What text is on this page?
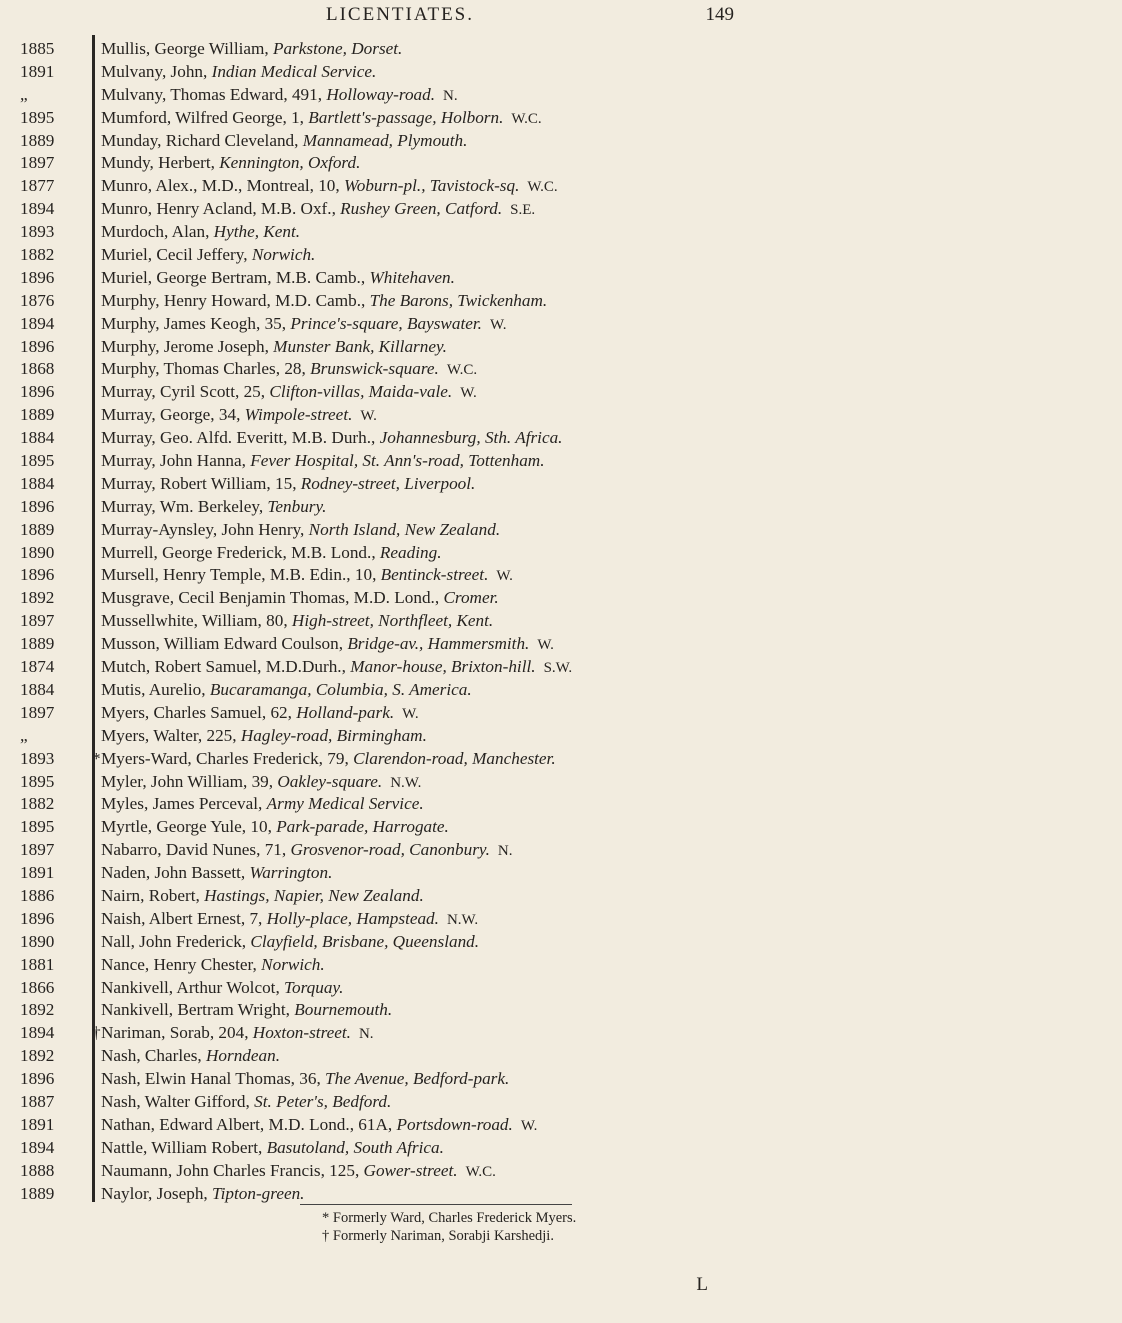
LICENTIATES.	149
1885	Mullis, George William, Parkstone, Dorset.
1891	Mulvany, John, Indian Medical Service.
„	Mulvany, Thomas Edward, 491, Holloway-road. N.
1895	Mumford, Wilfred George, 1, Bartlett's-passage, Holborn. W.C.
1889	Munday, Richard Cleveland, Mannamead, Plymouth.
1897	Mundy, Herbert, Kennington, Oxford.
1877	Munro, Alex., M.D., Montreal, 10, Woburn-pl., Tavistock-sq. W.C.
1894	Munro, Henry Acland, M.B. Oxf., Rushey Green, Catford. S.E.
1893	Murdoch, Alan, Hythe, Kent.
1882	Muriel, Cecil Jeffery, Norwich.
1896	Muriel, George Bertram, M.B. Camb., Whitehaven.
1876	Murphy, Henry Howard, M.D. Camb., The Barons, Twickenham.
1894	Murphy, James Keogh, 35, Prince's-square, Bayswater. W.
1896	Murphy, Jerome Joseph, Munster Bank, Killarney.
1868	Murphy, Thomas Charles, 28, Brunswick-square. W.C.
1896	Murray, Cyril Scott, 25, Clifton-villas, Maida-vale. W.
1889	Murray, George, 34, Wimpole-street. W.
1884	Murray, Geo. Alfd. Everitt, M.B. Durh., Johannesburg, Sth. Africa.
1895	Murray, John Hanna, Fever Hospital, St. Ann's-road, Tottenham.
1884	Murray, Robert William, 15, Rodney-street, Liverpool.
1896	Murray, Wm. Berkeley, Tenbury.
1889	Murray-Aynsley, John Henry, North Island, New Zealand.
1890	Murrell, George Frederick, M.B. Lond., Reading.
1896	Mursell, Henry Temple, M.B. Edin., 10, Bentinck-street. W.
1892	Musgrave, Cecil Benjamin Thomas, M.D. Lond., Cromer.
1897	Mussellwhite, William, 80, High-street, Northfleet, Kent.
1889	Musson, William Edward Coulson, Bridge-av., Hammersmith. W.
1874	Mutch, Robert Samuel, M.D.Durh., Manor-house, Brixton-hill. S.W.
1884	Mutis, Aurelio, Bucaramanga, Columbia, S. America.
1897	Myers, Charles Samuel, 62, Holland-park. W.
„	Myers, Walter, 225, Hagley-road, Birmingham.
1893	*Myers-Ward, Charles Frederick, 79, Clarendon-road, Manchester.
1895	Myler, John William, 39, Oakley-square. N.W.
1882	Myles, James Perceval, Army Medical Service.
1895	Myrtle, George Yule, 10, Park-parade, Harrogate.
1897	Nabarro, David Nunes, 71, Grosvenor-road, Canonbury. N.
1891	Naden, John Bassett, Warrington.
1886	Nairn, Robert, Hastings, Napier, New Zealand.
1896	Naish, Albert Ernest, 7, Holly-place, Hampstead. N.W.
1890	Nall, John Frederick, Clayfield, Brisbane, Queensland.
1881	Nance, Henry Chester, Norwich.
1866	Nankivell, Arthur Wolcot, Torquay.
1892	Nankivell, Bertram Wright, Bournemouth.
1894	†Nariman, Sorab, 204, Hoxton-street. N.
1892	Nash, Charles, Horndean.
1896	Nash, Elwin Hanal Thomas, 36, The Avenue, Bedford-park.
1887	Nash, Walter Gifford, St. Peter's, Bedford.
1891	Nathan, Edward Albert, M.D. Lond., 61A, Portsdown-road. W.
1894	Nattle, William Robert, Basutoland, South Africa.
1888	Naumann, John Charles Francis, 125, Gower-street. W.C.
1889	Naylor, Joseph, Tipton-green.
* Formerly Ward, Charles Frederick Myers.
† Formerly Nariman, Sorabji Karshedji.
L
